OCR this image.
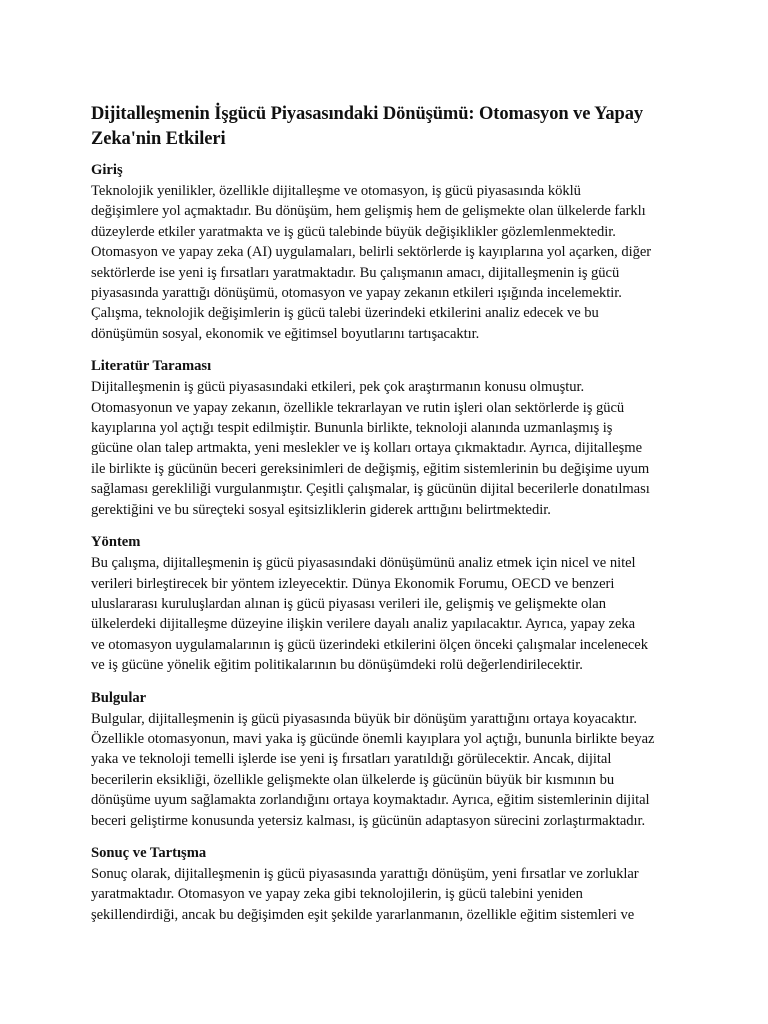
Dijitalleşmenin İşgücü Piyasasındaki Dönüşümü: Otomasyon ve Yapay
Zeka'nin Etkileri
Giriş

Teknolojik yenilikler, özellikle dijitalleşme ve otomasyon, iş gücü piyasasında köklü
değişimlere yol açmaktadır. Bu dönüşüm, hem gelişmiş hem de gelişmekte olan ülkelerde farklı
düzeylerde etkiler yaratmakta ve iş gücü talebinde büyük değişiklikler gözlemlenmektedir.
Otomasyon ve yapay zeka (AI) uygulamaları, belirli sektörlerde iş kayıplarına yol açarken, diğer
sektörlerde ise yeni iş fırsatları yaratmaktadır. Bu çalışmanın amacı, dijitalleşmenin iş gücü
piyasasında yarattığı dönüşümü, otomasyon ve yapay zekanın etkileri ışığında incelemektir.
Çalışma, teknolojik değişimlerin iş gücü talebi üzerindeki etkilerini analiz edecek ve bu
dönüşümün sosyal, ekonomik ve eğitimsel boyutlarını tartışacaktır.

Literatür Taraması

Dijitalleşmenin iş gücü piyasasındaki etkileri, pek çok araştırmanın konusu olmuştur.
Otomasyonun ve yapay zekanın, özellikle tekrarlayan ve rutin işleri olan sektörlerde iş gücü
kayıplarına yol açtığı tespit edilmiştir. Bununla birlikte, teknoloji alanında uzmanlaşmış iş
gücüne olan talep artmakta, yeni meslekler ve iş kolları ortaya çıkmaktadır. Ayrıca, dijitalleşme
ile birlikte iş gücünün beceri gereksinimleri de değişmiş, eğitim sistemlerinin bu değişime uyum
sağlaması gerekliliği vurgulanmıştır. Çeşitli çalışmalar, iş gücünün dijital becerilerle donatılması
gerektiğini ve bu süreçteki sosyal eşitsizliklerin giderek arttığını belirtmektedir.

Yöntem

Bu çalışma, dijitalleşmenin iş gücü piyasasındaki dönüşümünü analiz etmek için nicel ve nitel
verileri birleştirecek bir yöntem izleyecektir. Dünya Ekonomik Forumu, OECD ve benzeri
uluslararası kuruluşlardan alınan iş gücü piyasası verileri ile, gelişmiş ve gelişmekte olan
ülkelerdeki dijitalleşme düzeyine ilişkin verilere dayalı analiz yapılacaktır. Ayrıca, yapay zeka
ve otomasyon uygulamalarının iş gücü üzerindeki etkilerini ölçen önceki çalışmalar incelenecek
ve iş gücüne yönelik eğitim politikalarının bu dönüşümdeki rolü değerlendirilecektir.

Bulgular

Bulgular, dijitalleşmenin iş gücü piyasasında büyük bir dönüşüm yarattığını ortaya koyacaktır.
Özellikle otomasyonun, mavi yaka iş gücünde önemli kayıplara yol açtığı, bununla birlikte beyaz
yaka ve teknoloji temelli işlerde ise yeni iş fırsatları yaratıldığı görülecektir. Ancak, dijital
becerilerin eksikliği, özellikle gelişmekte olan ülkelerde iş gücünün büyük bir kısmının bu
dönüşüme uyum sağlamakta zorlandığını ortaya koymaktadır. Ayrıca, eğitim sistemlerinin dijital
beceri geliştirme konusunda yetersiz kalması, iş gücünün adaptasyon sürecini zorlaştırmaktadır.

Sonuç ve Tartışma

Sonuç olarak, dijitalleşmenin iş gücü piyasasında yarattığı dönüşüm, yeni fırsatlar ve zorluklar
yaratmaktadır. Otomasyon ve yapay zeka gibi teknolojilerin, iş gücü talebini yeniden
şekillendirdiği, ancak bu değişimden eşit şekilde yararlanmanın, özellikle eğitim sistemleri ve
